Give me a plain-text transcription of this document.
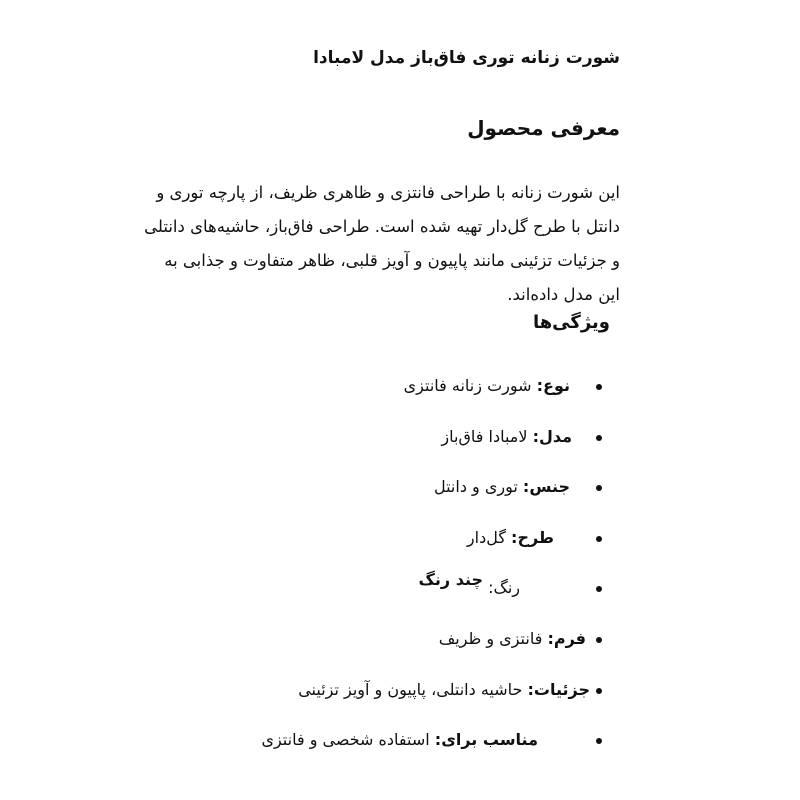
شورت زنانه توری فاق‌باز مدل لامبادا
معرفی محصول

این شورت زنانه با طراحی فانتزی و ظاهری ظریف، از پارچه توری و دانتل با طرح گل‌دار تهیه شده است. طراحی فاق‌باز، حاشیه‌های دانتلی و جزئیات تزئینی مانند پاپیون و آویز قلبی، ظاهر متفاوت و جذابی به این مدل داده‌اند.

ویژگی‌ها
نوع: شورت زنانه فانتزی
مدل: لامبادا فاق‌باز
جنس: توری و دانتل
طرح: گل‌دار
رنگ: چند رنگ
فرم: فانتزی و ظریف
جزئیات: حاشیه دانتلی، پاپیون و آویز تزئینی
مناسب برای: استفاده شخصی و فانتزی
